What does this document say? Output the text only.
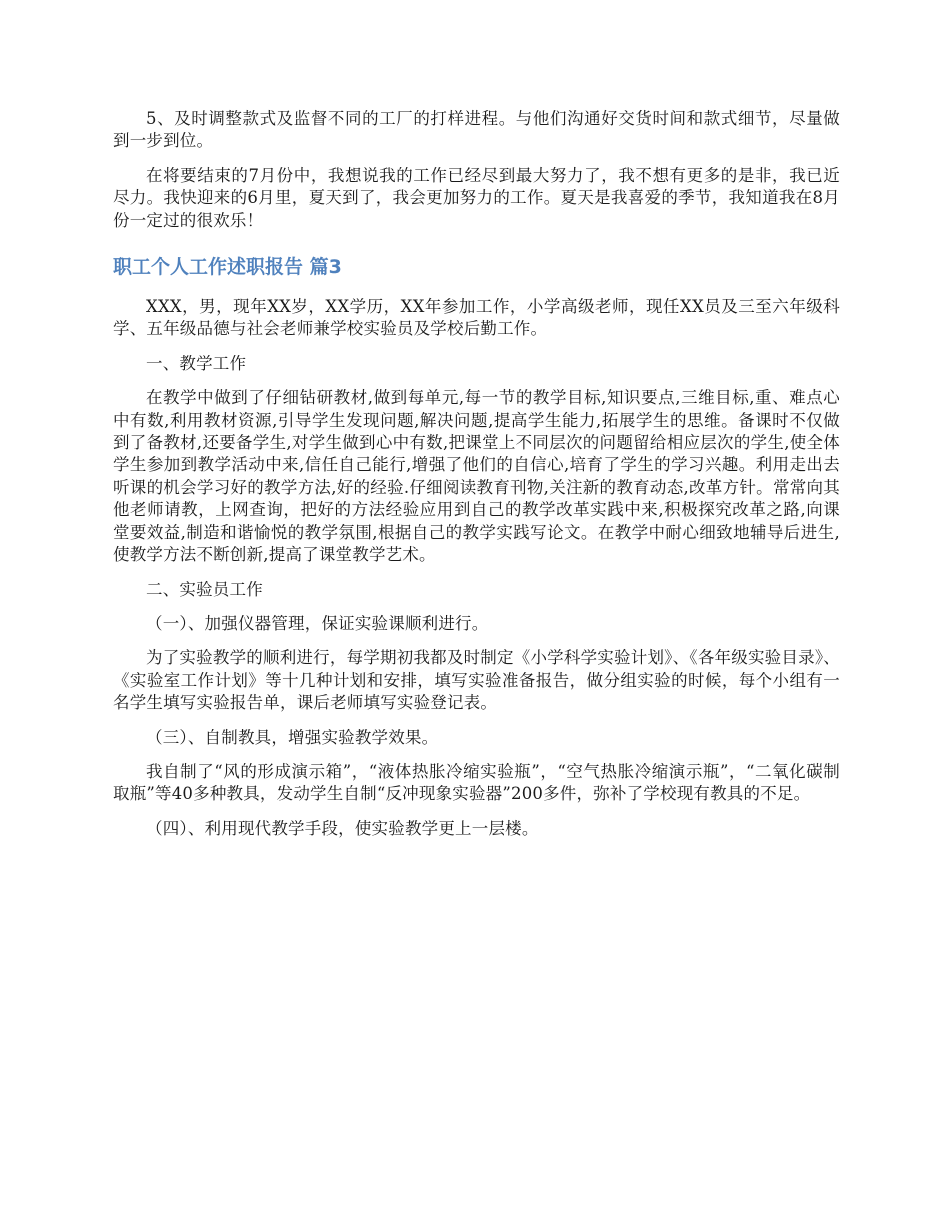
5、及时调整款式及监督不同的工厂的打样进程。与他们沟通好交货时间和款式细节，尽量做到一步到位。

在将要结束的7月份中，我想说我的工作已经尽到最大努力了，我不想有更多的是非，我已近尽力。我快迎来的6月里，夏天到了，我会更加努力的工作。夏天是我喜爱的季节，我知道我在8月份一定过的很欢乐！

职工个人工作述职报告 篇3

XXX，男，现年XX岁，XX学历，XX年参加工作，小学高级老师，现任XX员及三至六年级科学、五年级品德与社会老师兼学校实验员及学校后勤工作。

一、教学工作

在教学中做到了仔细钻研教材,做到每单元,每一节的教学目标,知识要点,三维目标,重、难点心中有数,利用教材资源,引导学生发现问题,解决问题,提高学生能力,拓展学生的思维。备课时不仅做到了备教材,还要备学生,对学生做到心中有数,把课堂上不同层次的问题留给相应层次的学生,使全体学生参加到教学活动中来,信任自己能行,增强了他们的自信心,培育了学生的学习兴趣。利用走出去听课的机会学习好的教学方法,好的经验.仔细阅读教育刊物,关注新的教育动态,改革方针。常常向其他老师请教，上网查询，把好的方法经验应用到自己的教学改革实践中来,积极探究改革之路,向课堂要效益,制造和谐愉悦的教学氛围,根据自己的教学实践写论文。在教学中耐心细致地辅导后进生,使教学方法不断创新,提高了课堂教学艺术。

二、实验员工作

（一）、加强仪器管理，保证实验课顺利进行。

为了实验教学的顺利进行，每学期初我都及时制定《小学科学实验计划》、《各年级实验目录》、《实验室工作计划》等十几种计划和安排，填写实验准备报告，做分组实验的时候，每个小组有一名学生填写实验报告单，课后老师填写实验登记表。

（三）、自制教具，增强实验教学效果。

我自制了“风的形成演示箱”，“液体热胀冷缩实验瓶”，“空气热胀冷缩演示瓶”，“二氧化碳制取瓶”等40多种教具，发动学生自制“反冲现象实验器”200多件，弥补了学校现有教具的不足。

（四）、利用现代教学手段，使实验教学更上一层楼。
